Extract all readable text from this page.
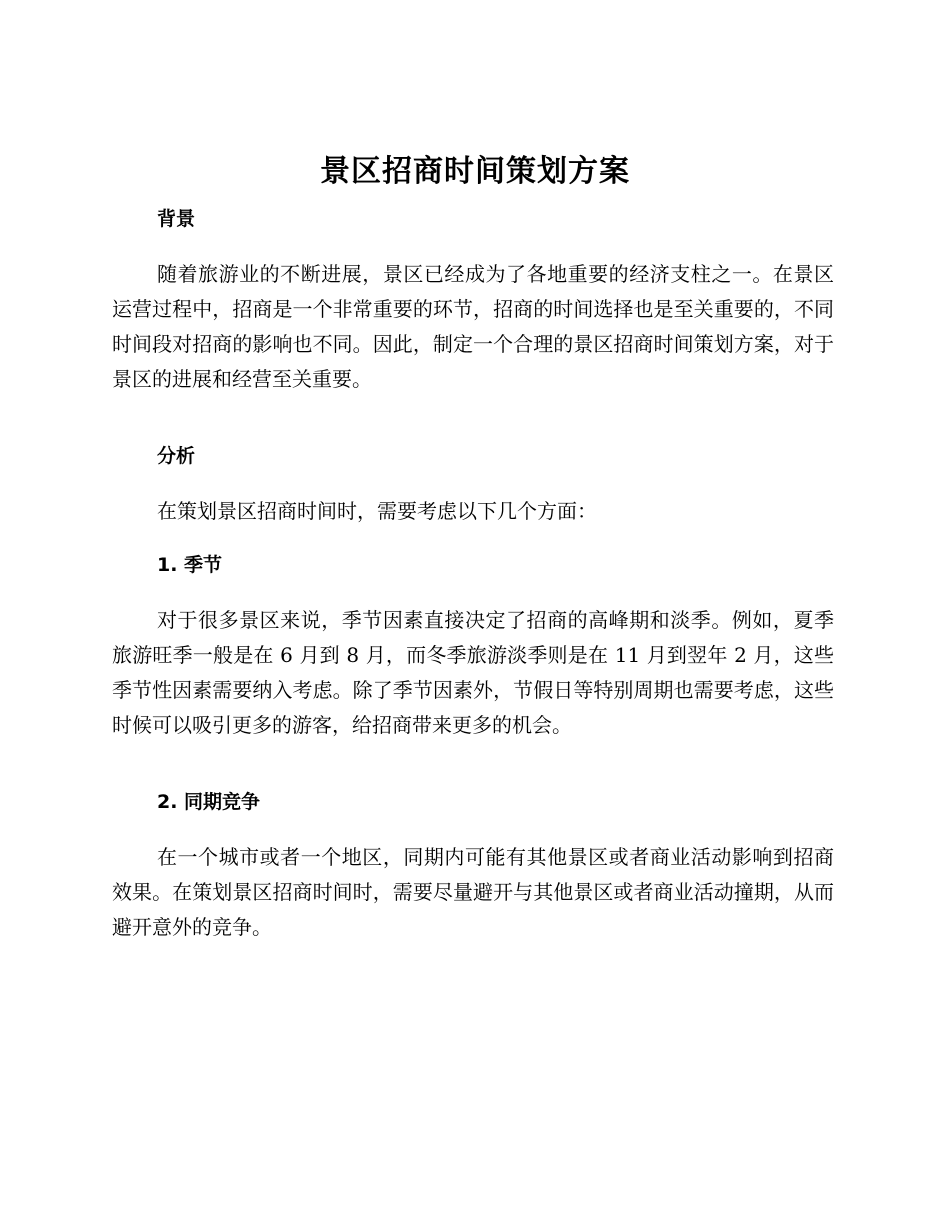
景区招商时间策划方案
背景

随着旅游业的不断进展，景区已经成为了各地重要的经济支柱之一。在景区运营过程中，招商是一个非常重要的环节，招商的时间选择也是至关重要的，不同时间段对招商的影响也不同。因此，制定一个合理的景区招商时间策划方案，对于景区的进展和经营至关重要。

分析

在策划景区招商时间时，需要考虑以下几个方面：

1. 季节

对于很多景区来说，季节因素直接决定了招商的高峰期和淡季。例如，夏季旅游旺季一般是在 6 月到 8 月，而冬季旅游淡季则是在 11 月到翌年 2 月，这些季节性因素需要纳入考虑。除了季节因素外，节假日等特别周期也需要考虑，这些时候可以吸引更多的游客，给招商带来更多的机会。

2. 同期竞争

在一个城市或者一个地区，同期内可能有其他景区或者商业活动影响到招商效果。在策划景区招商时间时，需要尽量避开与其他景区或者商业活动撞期，从而避开意外的竞争。
